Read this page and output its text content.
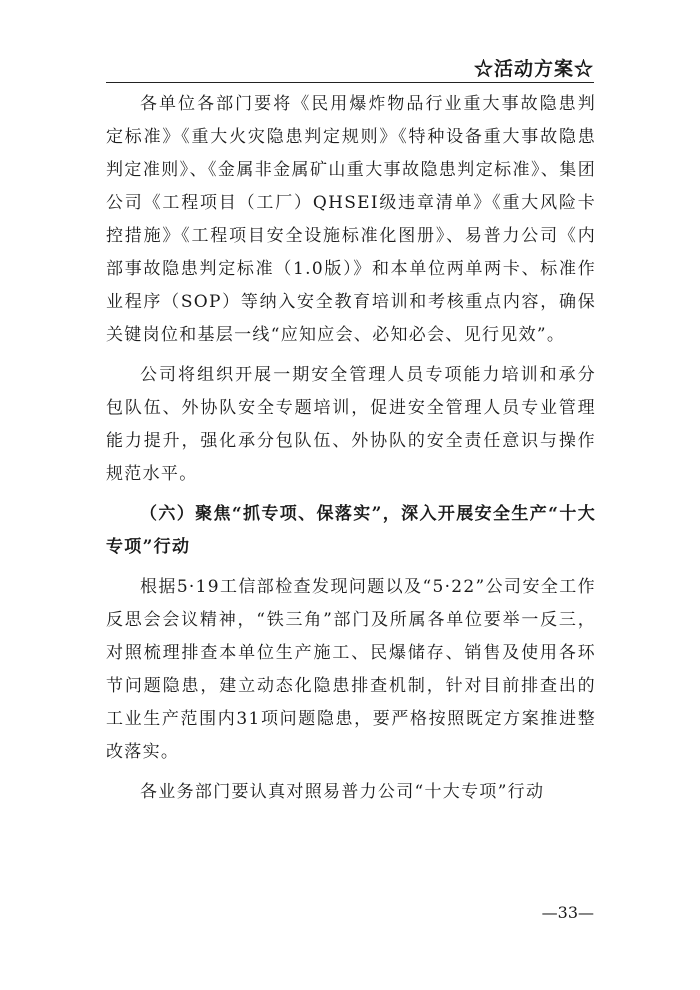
☆活动方案☆

各单位各部门要将《民用爆炸物品行业重大事故隐患判定标准》《重大火灾隐患判定规则》《特种设备重大事故隐患判定准则》、《金属非金属矿山重大事故隐患判定标准》、集团公司《工程项目（工厂）QHSEI级违章清单》《重大风险卡控措施》《工程项目安全设施标准化图册》、易普力公司《内部事故隐患判定标准（1.0版）》和本单位两单两卡、标准作业程序（SOP）等纳入安全教育培训和考核重点内容，确保关键岗位和基层一线“应知应会、必知必会、见行见效”。

公司将组织开展一期安全管理人员专项能力培训和承分包队伍、外协队安全专题培训，促进安全管理人员专业管理能力提升，强化承分包队伍、外协队的安全责任意识与操作规范水平。

（六）聚焦“抓专项、保落实”，深入开展安全生产“十大专项”行动

根据5·19工信部检查发现问题以及“5·22”公司安全工作反思会会议精神，“铁三角”部门及所属各单位要举一反三，对照梳理排查本单位生产施工、民爆储存、销售及使用各环节问题隐患，建立动态化隐患排查机制，针对目前排查出的工业生产范围内31项问题隐患，要严格按照既定方案推进整改落实。

各业务部门要认真对照易普力公司“十大专项”行动

—33—
